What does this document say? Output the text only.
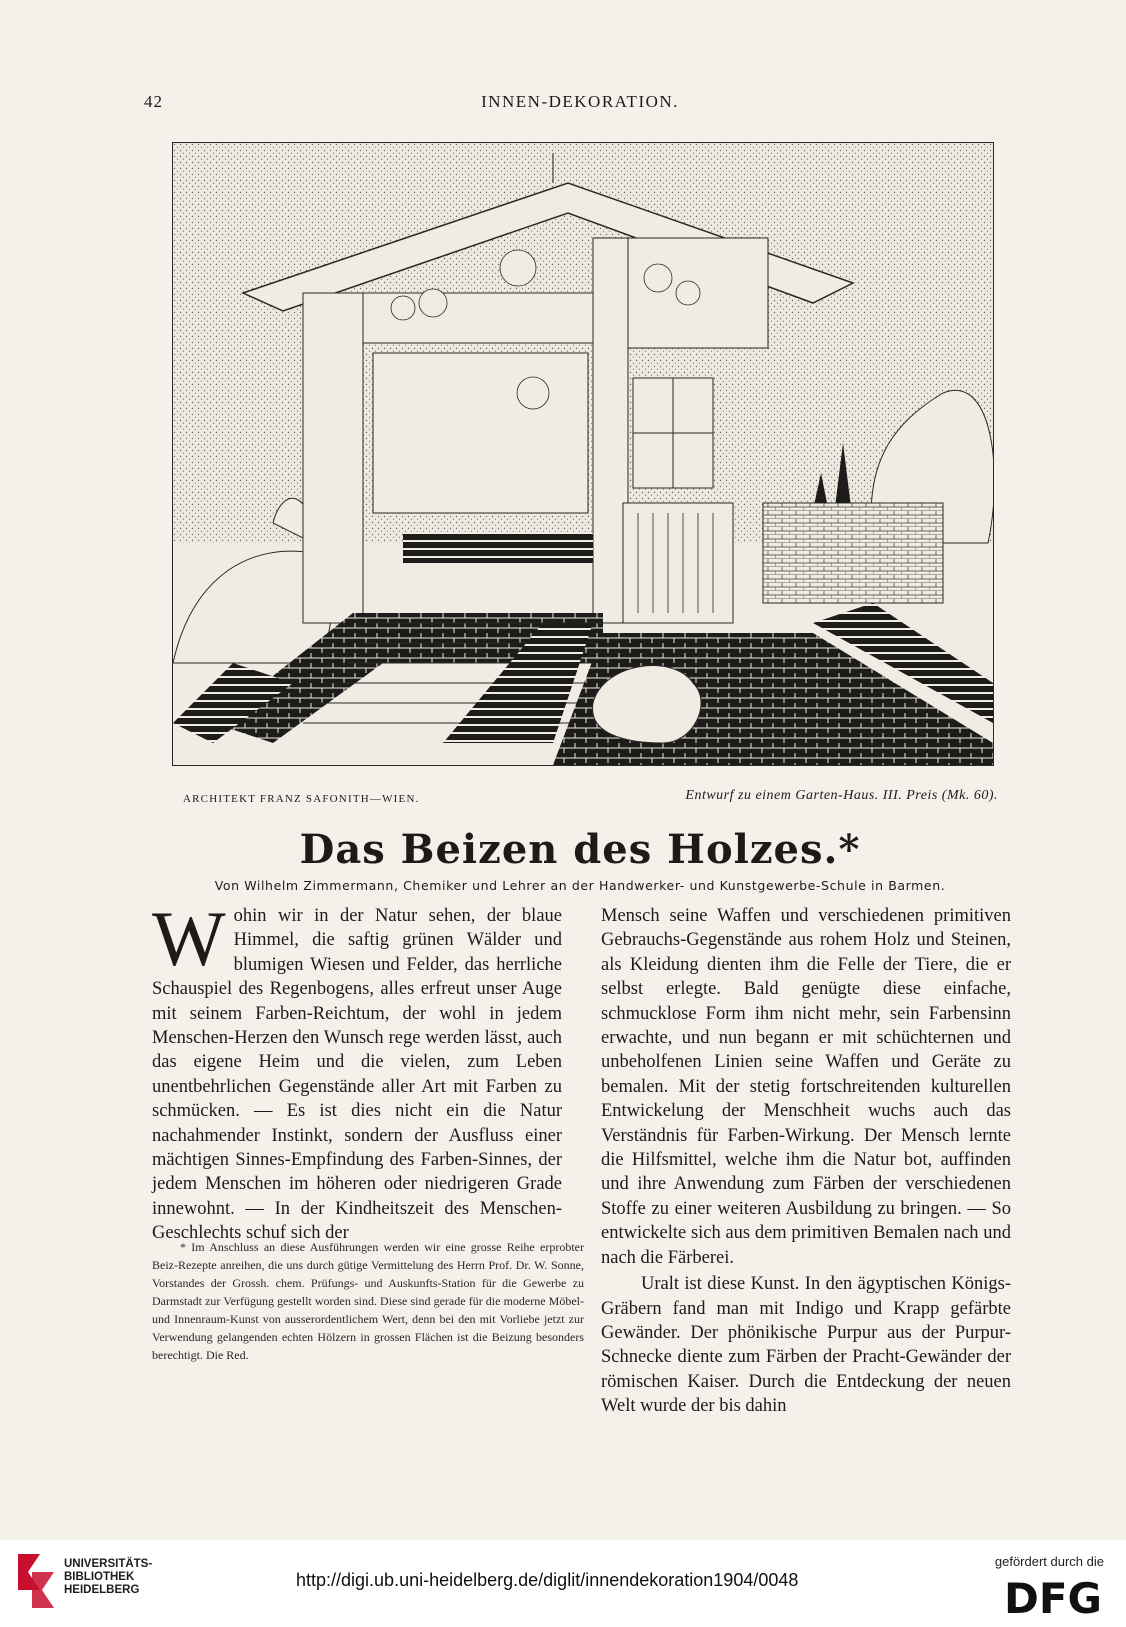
42	INNEN-DEKORATION.
ARCHITEKT FRANZ SAFONITH—WIEN.	Entwurf zu einem Garten-Haus. III. Preis (Mk. 60).
Das Beizen des Holzes.*
Von Wilhelm Zimmermann, Chemiker und Lehrer an der Handwerker- und Kunstgewerbe-Schule in Barmen.

Wohin wir in der Natur sehen, der blaue Himmel, die saftig grünen Wälder und blumigen Wiesen und Felder, das herrliche Schauspiel des Regenbogens, alles erfreut unser Auge mit seinem Farben-Reichtum, der wohl in jedem Menschen-Herzen den Wunsch rege werden lässt, auch das eigene Heim und die vielen, zum Leben unentbehrlichen Gegenstände aller Art mit Farben zu schmücken. — Es ist dies nicht ein die Natur nachahmender Instinkt, sondern der Ausfluss einer mächtigen Sinnes-Empfindung des Farben-Sinnes, der jedem Menschen im höheren oder niedrigeren Grade innewohnt. — In der Kindheitszeit des Menschen-Geschlechts schuf sich der

* Im Anschluss an diese Ausführungen werden wir eine grosse Reihe erprobter Beiz-Rezepte anreihen, die uns durch gütige Vermittelung des Herrn Prof. Dr. W. Sonne, Vorstandes der Grossh. chem. Prüfungs- und Auskunfts-Station für die Gewerbe zu Darmstadt zur Verfügung gestellt worden sind. Diese sind gerade für die moderne Möbel- und Innenraum-Kunst von ausserordentlichem Wert, denn bei den mit Vorliebe jetzt zur Verwendung gelangenden echten Hölzern in grossen Flächen ist die Beizung besonders berechtigt. Die Red.

Mensch seine Waffen und verschiedenen primitiven Gebrauchs-Gegenstände aus rohem Holz und Steinen, als Kleidung dienten ihm die Felle der Tiere, die er selbst erlegte. Bald genügte diese einfache, schmucklose Form ihm nicht mehr, sein Farbensinn erwachte, und nun begann er mit schüchternen und unbeholfenen Linien seine Waffen und Geräte zu bemalen. Mit der stetig fortschreitenden kulturellen Entwickelung der Menschheit wuchs auch das Verständnis für Farben-Wirkung. Der Mensch lernte die Hilfsmittel, welche ihm die Natur bot, auffinden und ihre Anwendung zum Färben der verschiedenen Stoffe zu einer weiteren Ausbildung zu bringen. — So entwickelte sich aus dem primitiven Bemalen nach und nach die Färberei.

Uralt ist diese Kunst. In den ägyptischen Königs-Gräbern fand man mit Indigo und Krapp gefärbte Gewänder. Der phönikische Purpur aus der Purpur-Schnecke diente zum Färben der Pracht-Gewänder der römischen Kaiser. Durch die Entdeckung der neuen Welt wurde der bis dahin

UNIVERSITÄTS-
BIBLIOTHEK
HEIDELBERG	http://digi.ub.uni-heidelberg.de/diglit/innendekoration1904/0048
gefördert durch die
DFG
